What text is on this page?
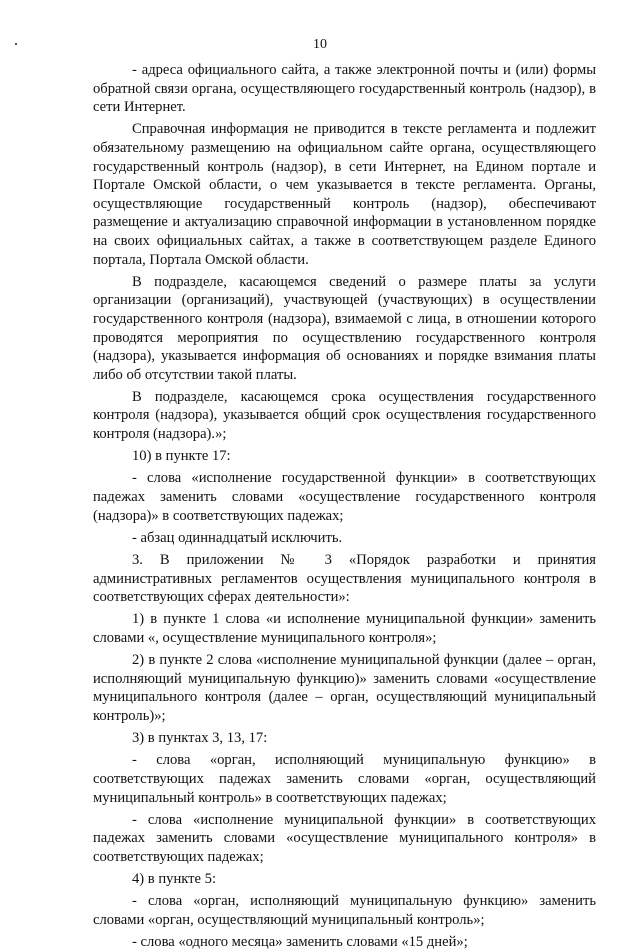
10

- адреса официального сайта, а также электронной почты и (или) формы обратной связи органа, осуществляющего государственный контроль (надзор), в сети Интернет.

Справочная информация не приводится в тексте регламента и подлежит обязательному размещению на официальном сайте органа, осуществляющего государственный контроль (надзор), в сети Интернет, на Едином портале и Портале Омской области, о чем указывается в тексте регламента. Органы, осуществляющие государственный контроль (надзор), обеспечивают размещение и актуализацию справочной информации в установленном порядке на своих официальных сайтах, а также в соответствующем разделе Единого портала, Портала Омской области.

В подразделе, касающемся сведений о размере платы за услуги организации (организаций), участвующей (участвующих) в осуществлении государственного контроля (надзора), взимаемой с лица, в отношении которого проводятся мероприятия по осуществлению государственного контроля (надзора), указывается информация об основаниях и порядке взимания платы либо об отсутствии такой платы.

В подразделе, касающемся срока осуществления государственного контроля (надзора), указывается общий срок осуществления государственного контроля (надзора).»;

10) в пункте 17:

- слова «исполнение государственной функции» в соответствующих падежах заменить словами «осуществление государственного контроля (надзора)» в соответствующих падежах;

- абзац одиннадцатый исключить.

3. В приложении № 3 «Порядок разработки и принятия административных регламентов осуществления муниципального контроля в соответствующих сферах деятельности»:

1) в пункте 1 слова «и исполнение муниципальной функции» заменить словами «, осуществление муниципального контроля»;

2) в пункте 2 слова «исполнение муниципальной функции (далее – орган, исполняющий муниципальную функцию)» заменить словами «осуществление муниципального контроля (далее – орган, осуществляющий муниципальный контроль)»;

3) в пунктах 3, 13, 17:

- слова «орган, исполняющий муниципальную функцию» в соответствующих падежах заменить словами «орган, осуществляющий муниципальный контроль» в соответствующих падежах;

- слова «исполнение муниципальной функции» в соответствующих падежах заменить словами «осуществление муниципального контроля» в соответствующих падежах;

4) в пункте 5:

- слова «орган, исполняющий муниципальную функцию» заменить словами «орган, осуществляющий муниципальный контроль»;

- слова «одного месяца» заменить словами «15 дней»;
